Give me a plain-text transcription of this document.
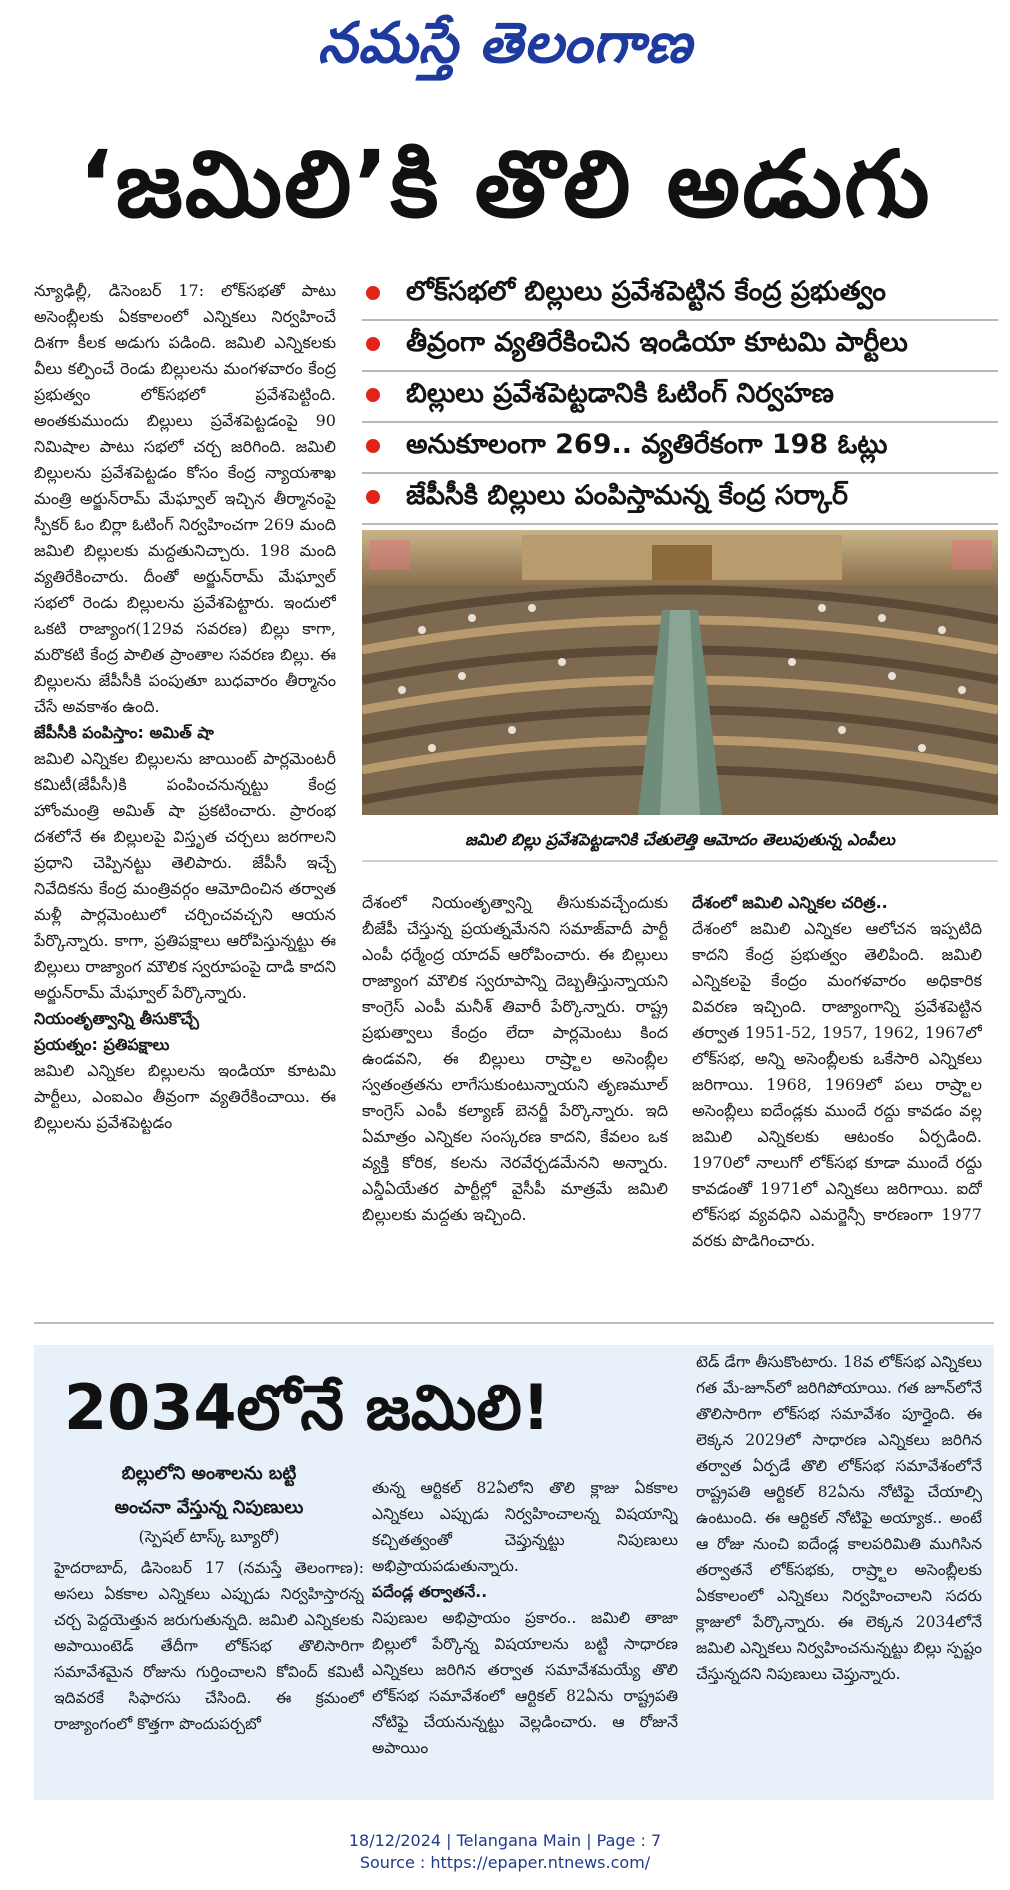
నమస్తే తెలంగాణ
‘జమిలి’కి తొలి అడుగు

న్యూఢిల్లీ, డిసెంబర్ 17: లోక్‌సభతో పాటు అసెంబ్లీలకు ఏకకాలంలో ఎన్నికలు నిర్వహించే దిశగా కీలక అడుగు పడింది. జమిలి ఎన్నికలకు వీలు కల్పించే రెండు బిల్లులను మంగళవారం కేంద్ర ప్రభుత్వం లోక్‌సభలో ప్రవేశపెట్టింది. అంతకుముందు బిల్లులు ప్రవేశపెట్టడంపై 90 నిమిషాల పాటు సభలో చర్చ జరిగింది. జమిలి బిల్లులను ప్రవేశపెట్టడం కోసం కేంద్ర న్యాయశాఖ మంత్రి అర్జున్‌రామ్ మేఘ్వాల్ ఇచ్చిన తీర్మానంపై స్పీకర్ ఓం బిర్లా ఓటింగ్ నిర్వహించగా 269 మంది జమిలి బిల్లులకు మద్దతునిచ్చారు. 198 మంది వ్యతిరేకించారు. దీంతో అర్జున్‌రామ్ మేఘ్వాల్ సభలో రెండు బిల్లులను ప్రవేశపెట్టారు. ఇందులో ఒకటి రాజ్యాంగ(129వ సవరణ) బిల్లు కాగా, మరొకటి కేంద్ర పాలిత ప్రాంతాల సవరణ బిల్లు. ఈ బిల్లులను జేపీసీకి పంపుతూ బుధవారం తీర్మానం చేసే అవకాశం ఉంది.

జేపీసీకి పంపిస్తాం: అమిత్ షా

జమిలి ఎన్నికల బిల్లులను జాయింట్ పార్లమెంటరీ కమిటీ(జేపీసీ)కి పంపించనున్నట్టు కేంద్ర హోంమంత్రి అమిత్ షా ప్రకటించారు. ప్రారంభ దశలోనే ఈ బిల్లులపై విస్తృత చర్చలు జరగాలని ప్రధాని చెప్పినట్టు తెలిపారు. జేపీసీ ఇచ్చే నివేదికను కేంద్ర మంత్రివర్గం ఆమోదించిన తర్వాత మళ్లీ పార్లమెంటులో చర్చించవచ్చని ఆయన పేర్కొన్నారు. కాగా, ప్రతిపక్షాలు ఆరోపిస్తున్నట్టు ఈ బిల్లులు రాజ్యాంగ మౌలిక స్వరూపంపై దాడి కాదని అర్జున్‌రామ్ మేఘ్వాల్ పేర్కొన్నారు.

నియంతృత్వాన్ని తీసుకొచ్చే

ప్రయత్నం: ప్రతిపక్షాలు

జమిలి ఎన్నికల బిల్లులను ఇండియా కూటమి పార్టీలు, ఎంఐఎం తీవ్రంగా వ్యతిరేకించాయి. ఈ బిల్లులను ప్రవేశపెట్టడం

లోక్‌సభలో బిల్లులు ప్రవేశపెట్టిన కేంద్ర ప్రభుత్వం
తీవ్రంగా వ్యతిరేకించిన ఇండియా కూటమి పార్టీలు
బిల్లులు ప్రవేశపెట్టడానికి ఓటింగ్ నిర్వహణ
అనుకూలంగా 269.. వ్యతిరేకంగా 198 ఓట్లు
జేపీసీకి బిల్లులు పంపిస్తామన్న కేంద్ర సర్కార్
జమిలి బిల్లు ప్రవేశపెట్టడానికి చేతులెత్తి ఆమోదం తెలుపుతున్న ఎంపీలు

దేశంలో నియంతృత్వాన్ని తీసుకువచ్చేందుకు బీజేపీ చేస్తున్న ప్రయత్నమేనని సమాజ్‌వాదీ పార్టీ ఎంపీ ధర్మేంద్ర యాదవ్ ఆరోపించారు. ఈ బిల్లులు రాజ్యాంగ మౌలిక స్వరూపాన్ని దెబ్బతీస్తున్నాయని కాంగ్రెస్ ఎంపీ మనీశ్ తివారీ పేర్కొన్నారు. రాష్ట్ర ప్రభుత్వాలు కేంద్రం లేదా పార్లమెంటు కింద ఉండవని, ఈ బిల్లులు రాష్ర్టాల అసెంబ్లీల స్వతంత్రతను లాగేసుకుంటున్నాయని తృణమూల్ కాంగ్రెస్ ఎంపీ కల్యాణ్ బెనర్జీ పేర్కొన్నారు. ఇది ఏమాత్రం ఎన్నికల సంస్కరణ కాదని, కేవలం ఒక వ్యక్తి కోరిక, కలను నెరవేర్చడమేనని అన్నారు. ఎన్డీఏయేతర పార్టీల్లో వైసీపీ మాత్రమే జమిలి బిల్లులకు మద్దతు ఇచ్చింది.

దేశంలో జమిలి ఎన్నికల చరిత్ర..

దేశంలో జమిలి ఎన్నికల ఆలోచన ఇప్పటిది కాదని కేంద్ర ప్రభుత్వం తెలిపింది. జమిలి ఎన్నికలపై కేంద్రం మంగళవారం అధికారిక వివరణ ఇచ్చింది. రాజ్యాంగాన్ని ప్రవేశపెట్టిన తర్వాత 1951-52, 1957, 1962, 1967లో లోక్‌సభ, అన్ని అసెంబ్లీలకు ఒకేసారి ఎన్నికలు జరిగాయి. 1968, 1969లో పలు రాష్ర్టాల అసెంబ్లీలు ఐదేండ్లకు ముందే రద్దు కావడం వల్ల జమిలి ఎన్నికలకు ఆటంకం ఏర్పడింది. 1970లో నాలుగో లోక్‌సభ కూడా ముందే రద్దు కావడంతో 1971లో ఎన్నికలు జరిగాయి. ఐదో లోక్‌సభ వ్యవధిని ఎమర్జెన్సీ కారణంగా 1977 వరకు పొడిగించారు.

2034లోనే జమిలి!
బిల్లులోని అంశాలను బట్టి
అంచనా వేస్తున్న నిపుణులు
(స్పెషల్ టాస్క్ బ్యూరో)

హైదరాబాద్, డిసెంబర్ 17 (నమస్తే తెలంగాణ): అసలు ఏకకాల ఎన్నికలు ఎప్పుడు నిర్వహిస్తారన్న చర్చ పెద్దయెత్తున జరుగుతున్నది. జమిలి ఎన్నికలకు అపాయింటెడ్ తేదీగా లోక్‌సభ తొలిసారిగా సమావేశమైన రోజును గుర్తించాలని కోవింద్ కమిటీ ఇదివరకే సిఫారసు చేసింది. ఈ క్రమంలో రాజ్యాంగంలో కొత్తగా పొందుపర్చబో

తున్న ఆర్టికల్ 82ఏలోని తొలి క్లాజు ఏకకాల ఎన్నికలు ఎప్పుడు నిర్వహించాలన్న విషయాన్ని కచ్చితత్వంతో చెప్తున్నట్టు నిపుణులు అభిప్రాయపడుతున్నారు.

పదేండ్ల తర్వాతనే..

నిపుణుల అభిప్రాయం ప్రకారం.. జమిలి తాజా బిల్లులో పేర్కొన్న విషయాలను బట్టి సాధారణ ఎన్నికలు జరిగిన తర్వాత సమావేశమయ్యే తొలి లోక్‌సభ సమావేశంలో ఆర్టికల్ 82ఏను రాష్ట్రపతి నోటిఫై చేయనున్నట్టు వెల్లడించారు. ఆ రోజునే అపాయిం

టెడ్ డేగా తీసుకొంటారు. 18వ లోక్‌సభ ఎన్నికలు గత మే-జూన్‌లో జరిగిపోయాయి. గత జూన్‌లోనే తొలిసారిగా లోక్‌సభ సమావేశం పూర్తైంది. ఈ లెక్కన 2029లో సాధారణ ఎన్నికలు జరిగిన తర్వాత ఏర్పడే తొలి లోక్‌సభ సమావేశంలోనే రాష్ట్రపతి ఆర్టికల్ 82ఏను నోటిఫై చేయాల్సి ఉంటుంది. ఈ ఆర్టికల్ నోటిఫై అయ్యాక.. అంటే ఆ రోజు నుంచి ఐదేండ్ల కాలపరిమితి ముగిసిన తర్వాతనే లోక్‌సభకు, రాష్ర్టాల అసెంబ్లీలకు ఏకకాలంలో ఎన్నికలు నిర్వహించాలని సదరు క్లాజులో పేర్కొన్నారు. ఈ లెక్కన 2034లోనే జమిలి ఎన్నికలు నిర్వహించనున్నట్టు బిల్లు స్పష్టం చేస్తున్నదని నిపుణులు చెప్తున్నారు.

18/12/2024 | Telangana Main | Page : 7
Source : https://epaper.ntnews.com/
